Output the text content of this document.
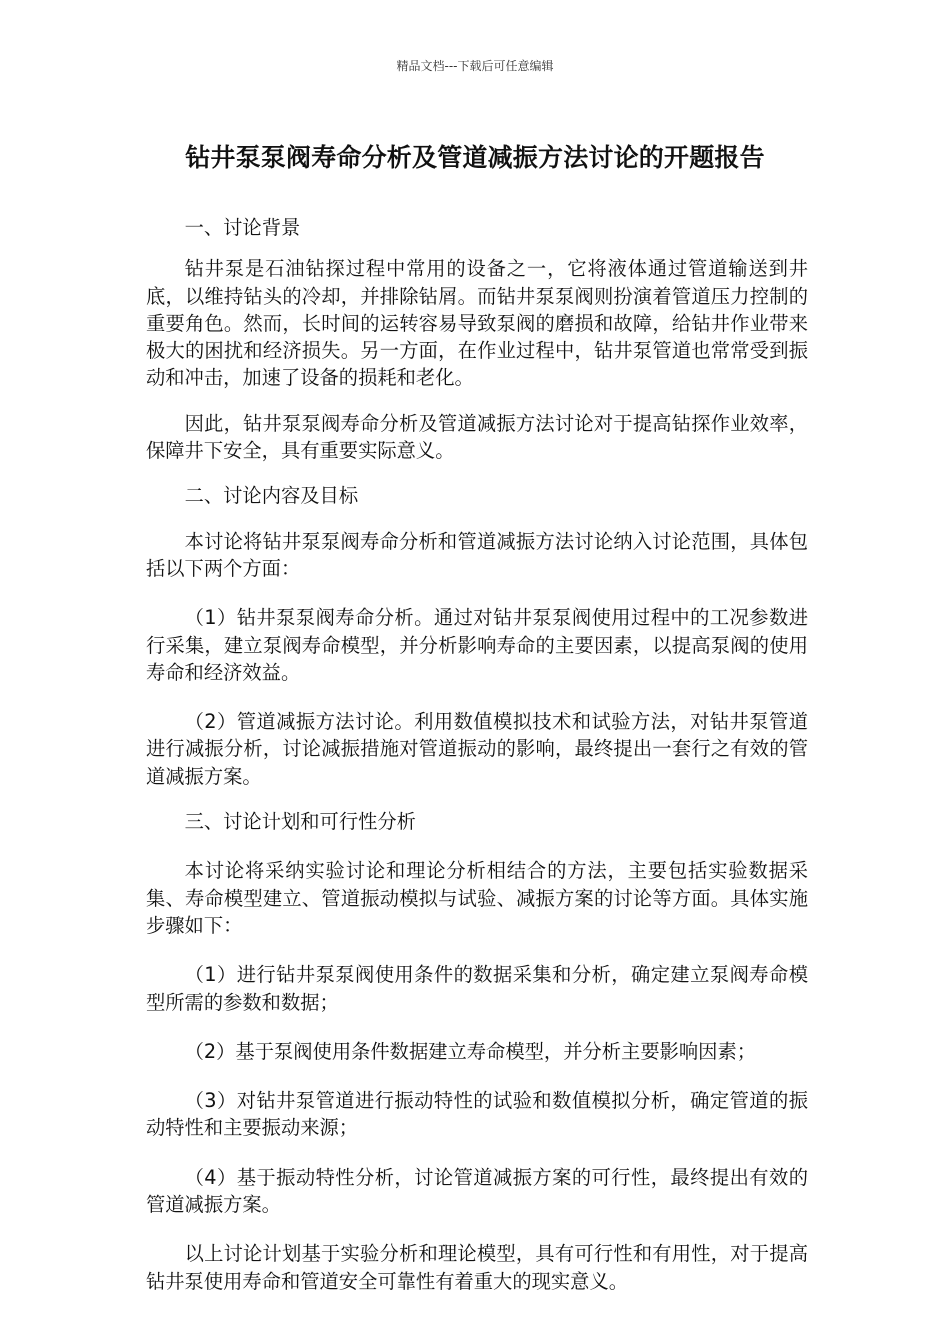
精品文档---下载后可任意编辑
钻井泵泵阀寿命分析及管道减振方法讨论的开题报告

一、讨论背景

钻井泵是石油钻探过程中常用的设备之一，它将液体通过管道输送到井底，以维持钻头的冷却，并排除钻屑。而钻井泵泵阀则扮演着管道压力控制的重要角色。然而，长时间的运转容易导致泵阀的磨损和故障，给钻井作业带来极大的困扰和经济损失。另一方面，在作业过程中，钻井泵管道也常常受到振动和冲击，加速了设备的损耗和老化。

因此，钻井泵泵阀寿命分析及管道减振方法讨论对于提高钻探作业效率，保障井下安全，具有重要实际意义。

二、讨论内容及目标

本讨论将钻井泵泵阀寿命分析和管道减振方法讨论纳入讨论范围，具体包括以下两个方面：

（1）钻井泵泵阀寿命分析。通过对钻井泵泵阀使用过程中的工况参数进行采集，建立泵阀寿命模型，并分析影响寿命的主要因素，以提高泵阀的使用寿命和经济效益。

（2）管道减振方法讨论。利用数值模拟技术和试验方法，对钻井泵管道进行减振分析，讨论减振措施对管道振动的影响，最终提出一套行之有效的管道减振方案。

三、讨论计划和可行性分析

本讨论将采纳实验讨论和理论分析相结合的方法，主要包括实验数据采集、寿命模型建立、管道振动模拟与试验、减振方案的讨论等方面。具体实施步骤如下：

（1）进行钻井泵泵阀使用条件的数据采集和分析，确定建立泵阀寿命模型所需的参数和数据；

（2）基于泵阀使用条件数据建立寿命模型，并分析主要影响因素；

（3）对钻井泵管道进行振动特性的试验和数值模拟分析，确定管道的振动特性和主要振动来源；

（4）基于振动特性分析，讨论管道减振方案的可行性，最终提出有效的管道减振方案。

以上讨论计划基于实验分析和理论模型，具有可行性和有用性，对于提高钻井泵使用寿命和管道安全可靠性有着重大的现实意义。
